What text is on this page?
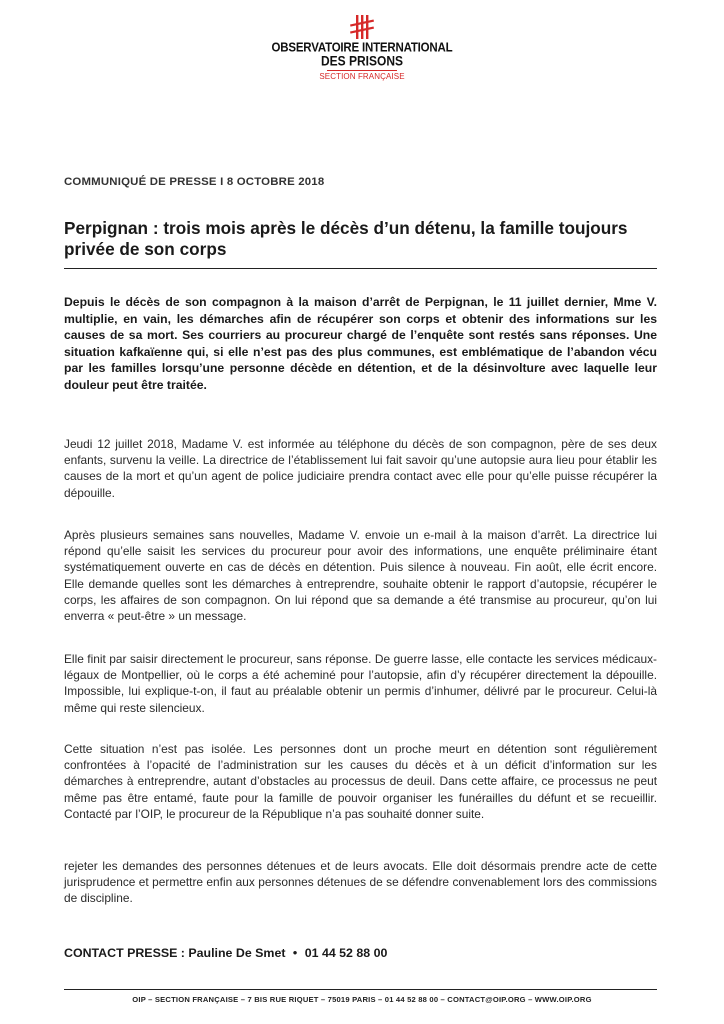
OBSERVATOIRE INTERNATIONAL
DES PRISONS
SECTION FRANÇAISE
COMMUNIQUÉ DE PRESSE I 8 OCTOBRE 2018
Perpignan : trois mois après le décès d’un détenu, la famille toujours privée de son corps
Depuis le décès de son compagnon à la maison d’arrêt de Perpignan, le 11 juillet dernier, Mme V. multiplie, en vain, les démarches afin de récupérer son corps et obtenir des informations sur les causes de sa mort. Ses courriers au procureur chargé de l’enquête sont restés sans réponses. Une situation kafkaïenne qui, si elle n’est pas des plus communes, est emblématique de l’abandon vécu par les familles lorsqu’une personne décède en détention, et de la désinvolture avec laquelle leur douleur peut être traitée.
Jeudi 12 juillet 2018, Madame V. est informée au téléphone du décès de son compagnon, père de ses deux enfants, survenu la veille. La directrice de l’établissement lui fait savoir qu’une autopsie aura lieu pour établir les causes de la mort et qu’un agent de police judiciaire prendra contact avec elle pour qu’elle puisse récupérer la dépouille.
Après plusieurs semaines sans nouvelles, Madame V. envoie un e-mail à la maison d’arrêt. La directrice lui répond qu’elle saisit les services du procureur pour avoir des informations, une enquête préliminaire étant systématiquement ouverte en cas de décès en détention. Puis silence à nouveau. Fin août, elle écrit encore. Elle demande quelles sont les démarches à entreprendre, souhaite obtenir le rapport d’autopsie, récupérer le corps, les affaires de son compagnon. On lui répond que sa demande a été transmise au procureur, qu’on lui enverra « peut-être » un message.
Elle finit par saisir directement le procureur, sans réponse. De guerre lasse, elle contacte les services médicaux-légaux de Montpellier, où le corps a été acheminé pour l’autopsie, afin d’y récupérer directement la dépouille. Impossible, lui explique-t-on, il faut au préalable obtenir un permis d’inhumer, délivré par le procureur. Celui-là même qui reste silencieux.
Cette situation n’est pas isolée. Les personnes dont un proche meurt en détention sont régulièrement confrontées à l’opacité de l’administration sur les causes du décès et à un déficit d’information sur les démarches à entreprendre, autant d’obstacles au processus de deuil. Dans cette affaire, ce processus ne peut même pas être entamé, faute pour la famille de pouvoir organiser les funérailles du défunt et se recueillir. Contacté par l’OIP, le procureur de la République n’a pas souhaité donner suite.
rejeter les demandes des personnes détenues et de leurs avocats. Elle doit désormais prendre acte de cette jurisprudence et permettre enfin aux personnes détenues de se défendre convenablement lors des commissions de discipline.
CONTACT PRESSE : Pauline De Smet • 01 44 52 88 00
OIP – SECTION FRANÇAISE – 7 BIS RUE RIQUET – 75019 PARIS – 01 44 52 88 00 – CONTACT@OIP.ORG – WWW.OIP.ORG
